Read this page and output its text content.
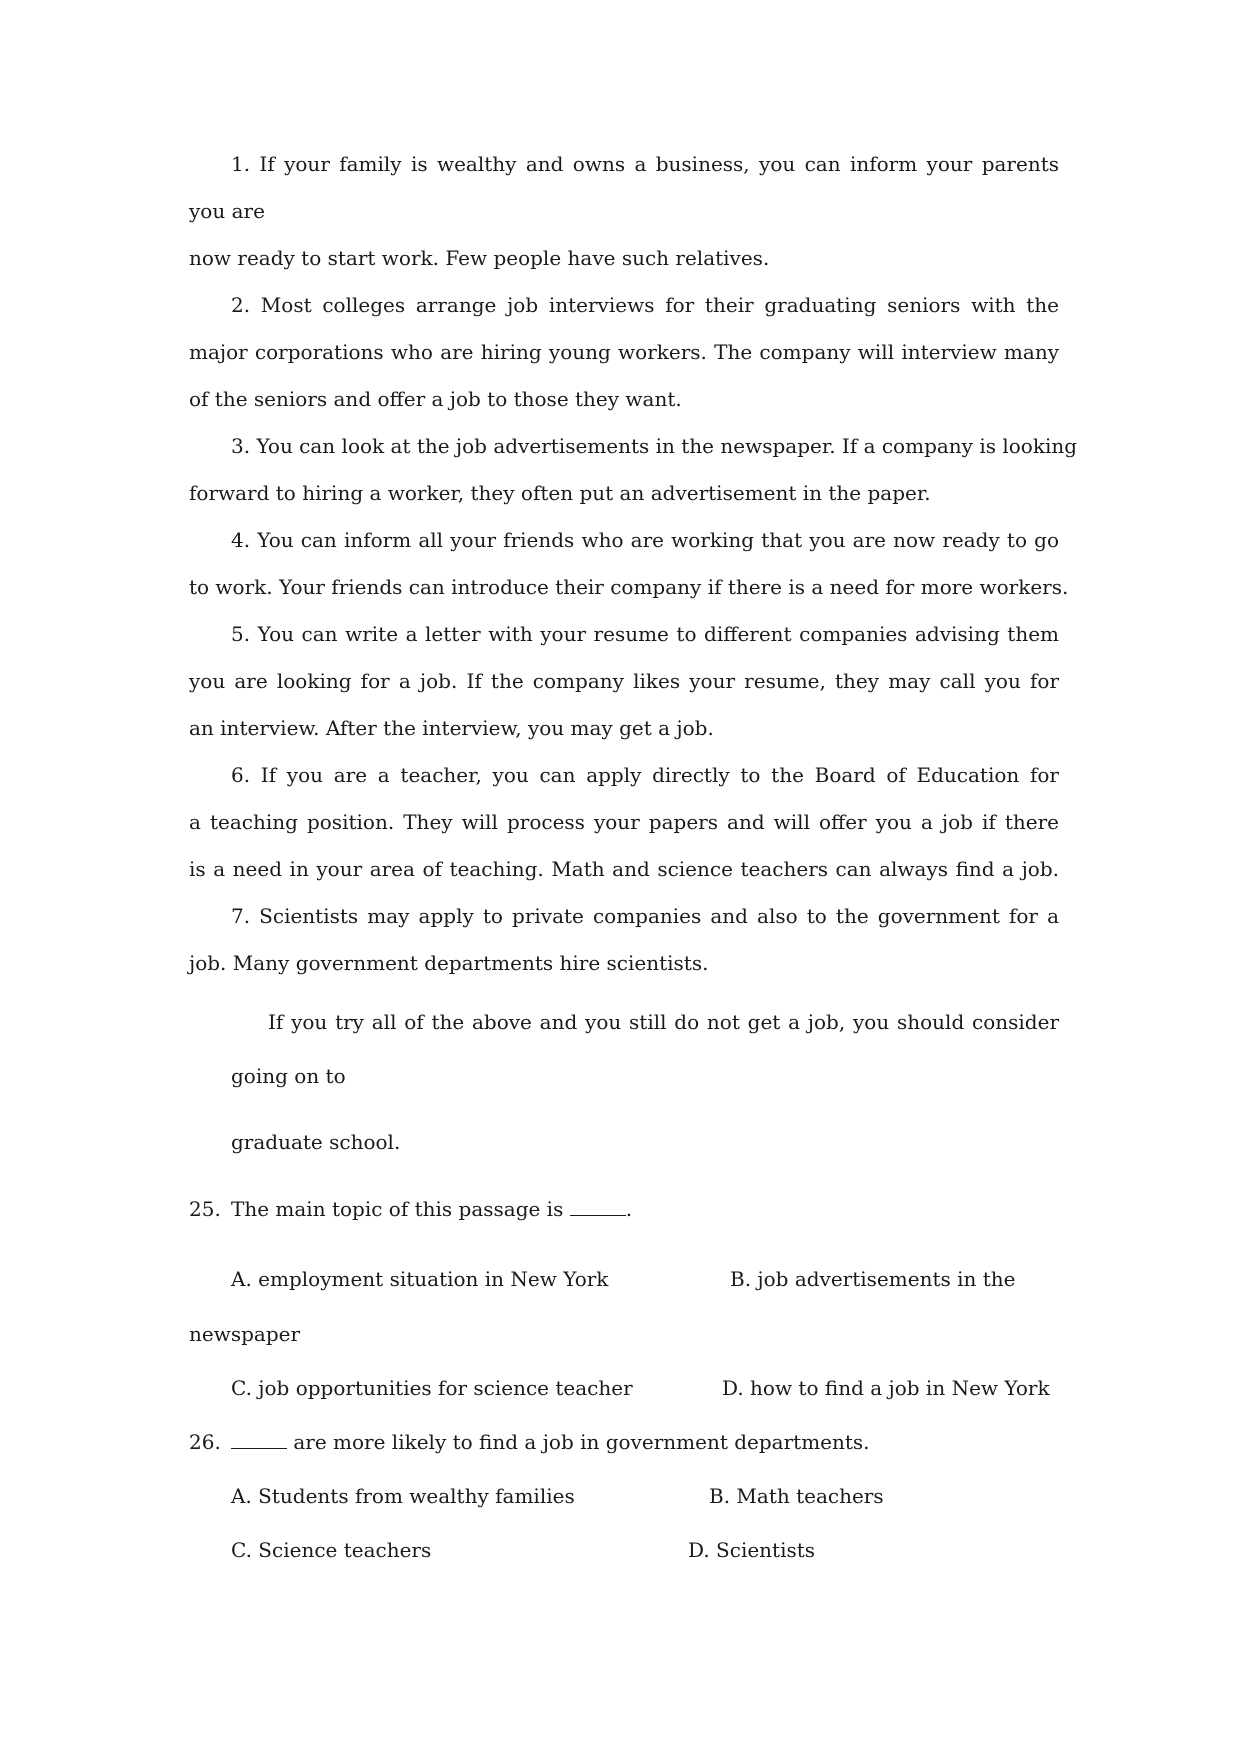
1. If your family is wealthy and owns a business, you can inform your parents

you are

now ready to start work. Few people have such relatives.

2. Most colleges arrange job interviews for their graduating seniors with the

major corporations who are hiring young workers. The company will interview many

of the seniors and offer a job to those they want.

3. You can look at the job advertisements in the newspaper. If a company is looking

forward to hiring a worker, they often put an advertisement in the paper.

4. You can inform all your friends who are working that you are now ready to go

to work. Your friends can introduce their company if there is a need for more workers.

5. You can write a letter with your resume to different companies advising them

you are looking for a job. If the company likes your resume, they may call you for

an interview. After the interview, you may get a job.

6. If you are a teacher, you can apply directly to the Board of Education for

a teaching position. They will process your papers and will offer you a job if there

is a need in your area of teaching. Math and science teachers can always find a job.

7. Scientists may apply to private companies and also to the government for a

job. Many government departments hire scientists.

If you try all of the above and you still do not get a job, you should consider

going on to

graduate school.

25. The main topic of this passage is	.

A. employment situation in New York	B. job advertisements in the

newspaper

C. job opportunities for science teacher	D. how to find a job in New York

26.	are more likely to find a job in government departments.

A. Students from wealthy families	B. Math teachers

C. Science teachers	D. Scientists
